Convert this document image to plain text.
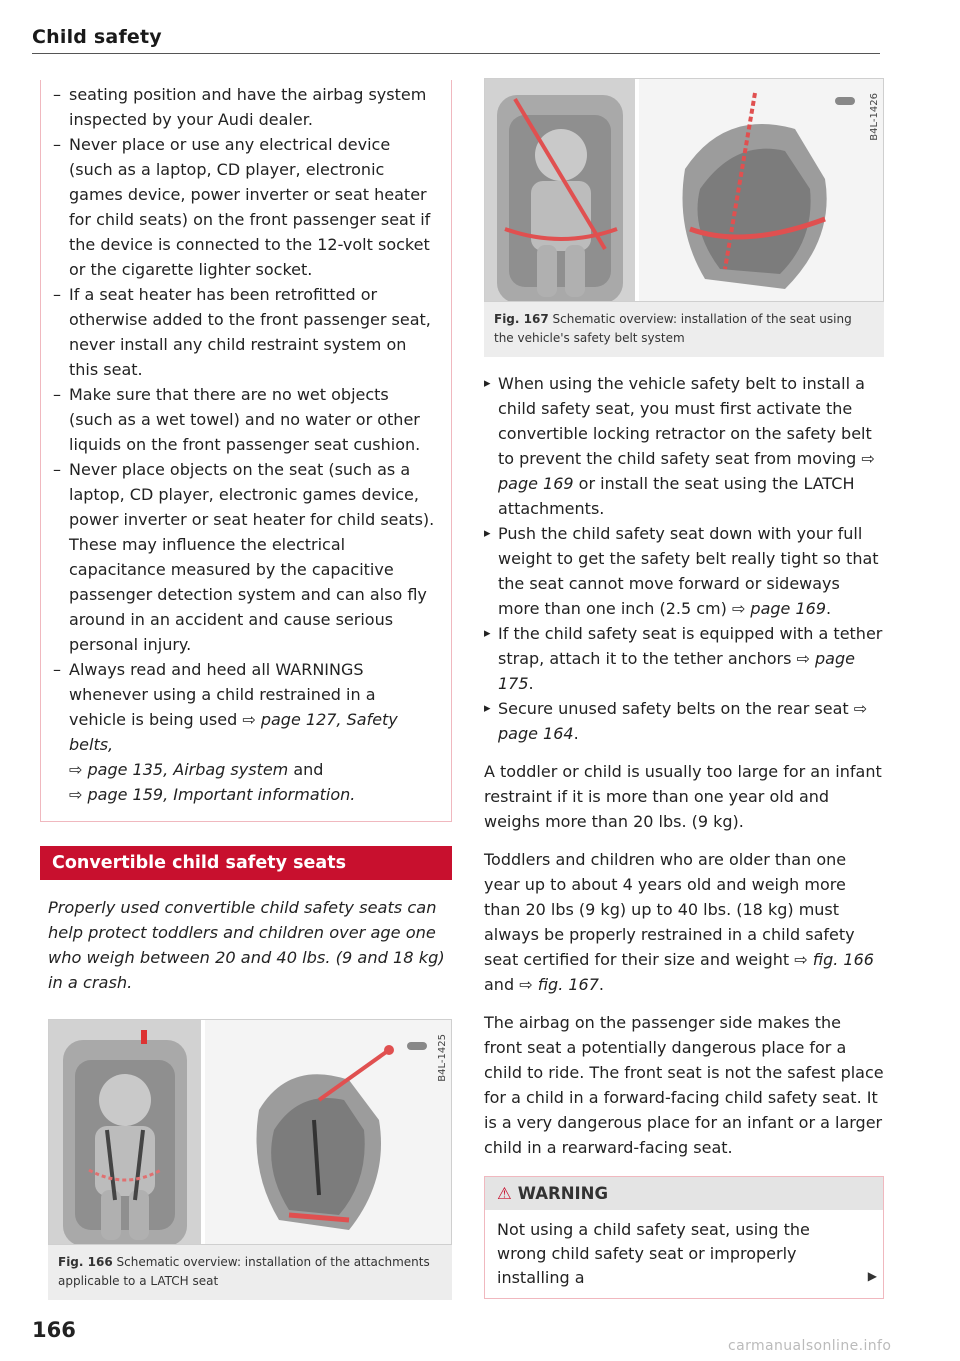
Child safety
– seating position and have the airbag system inspected by your Audi dealer.
– Never place or use any electrical device (such as a laptop, CD player, electronic games device, power inverter or seat heater for child seats) on the front passenger seat if the device is connected to the 12-volt socket or the cigarette lighter socket.
– If a seat heater has been retrofitted or otherwise added to the front passenger seat, never install any child restraint system on this seat.
– Make sure that there are no wet objects (such as a wet towel) and no water or other liquids on the front passenger seat cushion.
– Never place objects on the seat (such as a laptop, CD player, electronic games device, power inverter or seat heater for child seats). These may influence the electrical capacitance measured by the capacitive passenger detection system and can also fly around in an accident and cause serious personal injury.
– Always read and heed all WARNINGS whenever using a child restrained in a vehicle is being used ⇨ page 127, Safety belts,
⇨ page 135, Airbag system and
⇨ page 159, Important information.
Convertible child safety seats
Properly used convertible child safety seats can help protect toddlers and children over age one who weigh between 20 and 40 lbs. (9 and 18 kg) in a crash.
B4L-1425
Fig. 166 Schematic overview: installation of the attachments applicable to a LATCH seat
B4L-1426
Fig. 167 Schematic overview: installation of the seat using the vehicle's safety belt system
▸ When using the vehicle safety belt to install a child safety seat, you must first activate the convertible locking retractor on the safety belt to prevent the child safety seat from moving ⇨ page 169 or install the seat using the LATCH attachments.
▸ Push the child safety seat down with your full weight to get the safety belt really tight so that the seat cannot move forward or sideways more than one inch (2.5 cm) ⇨ page 169.
▸ If the child safety seat is equipped with a tether strap, attach it to the tether anchors ⇨ page 175.
▸ Secure unused safety belts on the rear seat ⇨ page 164.

A toddler or child is usually too large for an infant restraint if it is more than one year old and weighs more than 20 lbs. (9 kg).

Toddlers and children who are older than one year up to about 4 years old and weigh more than 20 lbs (9 kg) up to 40 lbs. (18 kg) must always be properly restrained in a child safety seat certified for their size and weight ⇨ fig. 166 and ⇨ fig. 167.

The airbag on the passenger side makes the front seat a potentially dangerous place for a child to ride. The front seat is not the safest place for a child in a forward-facing child safety seat. It is a very dangerous place for an infant or a larger child in a rearward-facing seat.

⚠ WARNING
Not using a child safety seat, using the wrong child safety seat or improperly installing a	▶
166
carmanualsonline.info
